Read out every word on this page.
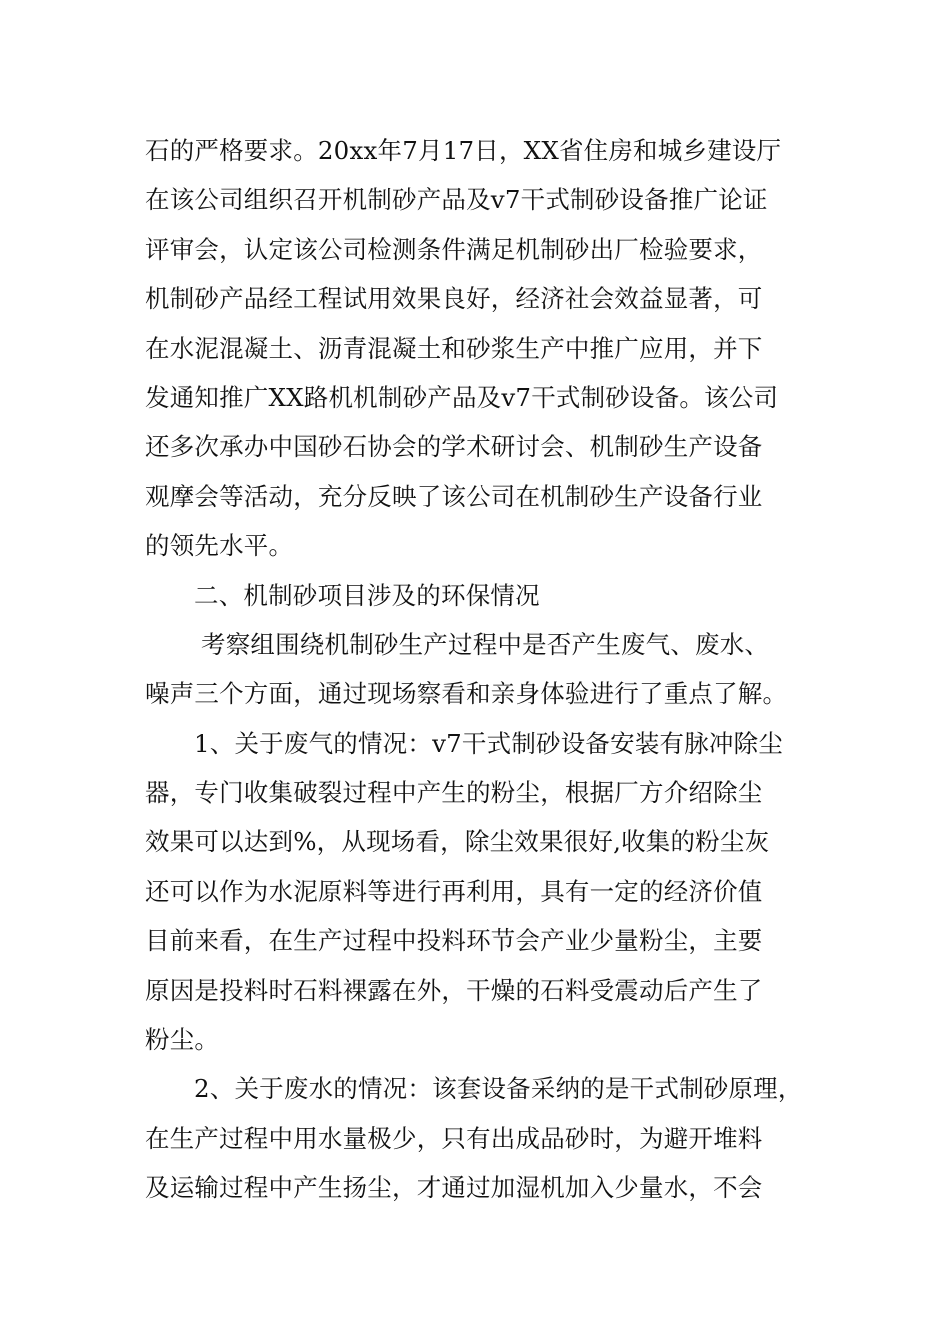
石的严格要求。20xx年7月17日，XX省住房和城乡建设厅
在该公司组织召开机制砂产品及v7干式制砂设备推广论证
评审会，认定该公司检测条件满足机制砂出厂检验要求，
机制砂产品经工程试用效果良好，经济社会效益显著，可
在水泥混凝土、沥青混凝土和砂浆生产中推广应用，并下
发通知推广XX路机机制砂产品及v7干式制砂设备。该公司
还多次承办中国砂石协会的学术研讨会、机制砂生产设备
观摩会等活动，充分反映了该公司在机制砂生产设备行业
的领先水平。
二、机制砂项目涉及的环保情况
考察组围绕机制砂生产过程中是否产生废气、废水、
噪声三个方面，通过现场察看和亲身体验进行了重点了解。
1、关于废气的情况：v7干式制砂设备安装有脉冲除尘
器，专门收集破裂过程中产生的粉尘，根据厂方介绍除尘
效果可以达到%，从现场看，除尘效果很好,收集的粉尘灰
还可以作为水泥原料等进行再利用，具有一定的经济价值
目前来看，在生产过程中投料环节会产业少量粉尘，主要
原因是投料时石料裸露在外，干燥的石料受震动后产生了
粉尘。
2、关于废水的情况：该套设备采纳的是干式制砂原理，
在生产过程中用水量极少，只有出成品砂时，为避开堆料
及运输过程中产生扬尘，才通过加湿机加入少量水，不会
